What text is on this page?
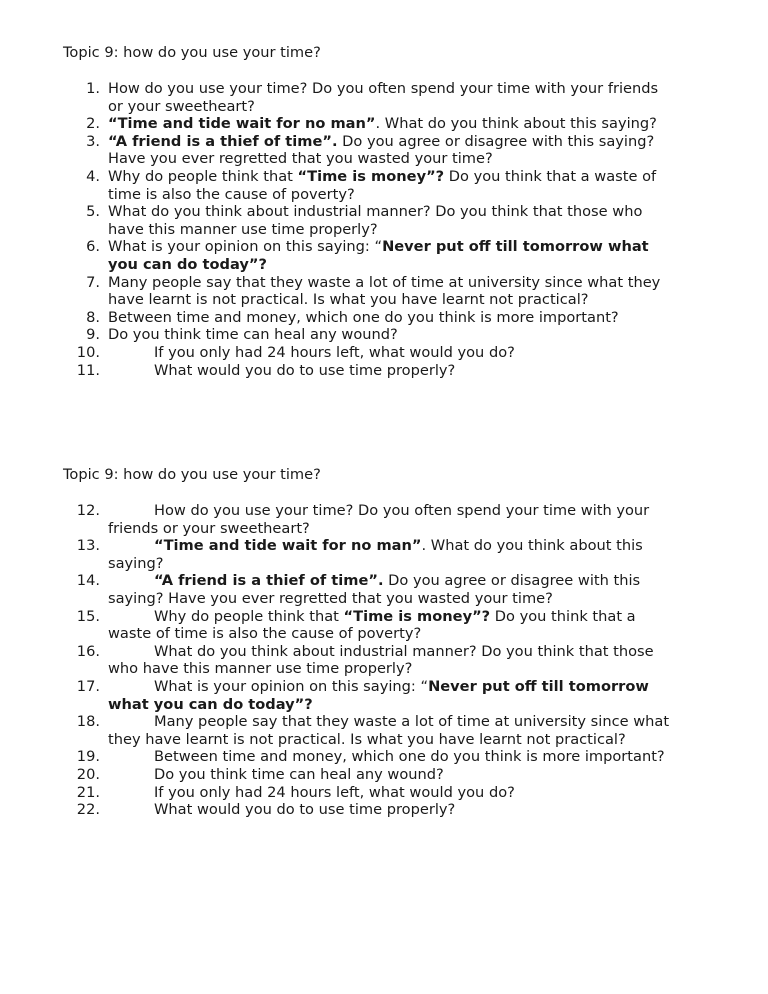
Topic 9: how do you use your time?
1. How do you use your time? Do you often spend your time with your friends
or your sweetheart?
2. “Time and tide wait for no man”. What do you think about this saying?
3. “A friend is a thief of time”. Do you agree or disagree with this saying?
Have you ever regretted that you wasted your time?
4. Why do people think that “Time is money”? Do you think that a waste of
time is also the cause of poverty?
5. What do you think about industrial manner? Do you think that those who
have this manner use time properly?
6. What is your opinion on this saying: “Never put off till tomorrow what
you can do today”?
7. Many people say that they waste a lot of time at university since what they
have learnt is not practical. Is what you have learnt not practical?
8. Between time and money, which one do you think is more important?
9. Do you think time can heal any wound?
10.	If you only had 24 hours left, what would you do?
11.	What would you do to use time properly?
Topic 9: how do you use your time?
12.	How do you use your time? Do you often spend your time with your
friends or your sweetheart?
13.	“Time and tide wait for no man”. What do you think about this
saying?
14.	“A friend is a thief of time”. Do you agree or disagree with this
saying? Have you ever regretted that you wasted your time?
15.	Why do people think that “Time is money”? Do you think that a
waste of time is also the cause of poverty?
16.	What do you think about industrial manner? Do you think that those
who have this manner use time properly?
17.	What is your opinion on this saying: “Never put off till tomorrow
what you can do today”?
18.	Many people say that they waste a lot of time at university since what
they have learnt is not practical. Is what you have learnt not practical?
19.	Between time and money, which one do you think is more important?
20.	Do you think time can heal any wound?
21.	If you only had 24 hours left, what would you do?
22.	What would you do to use time properly?
